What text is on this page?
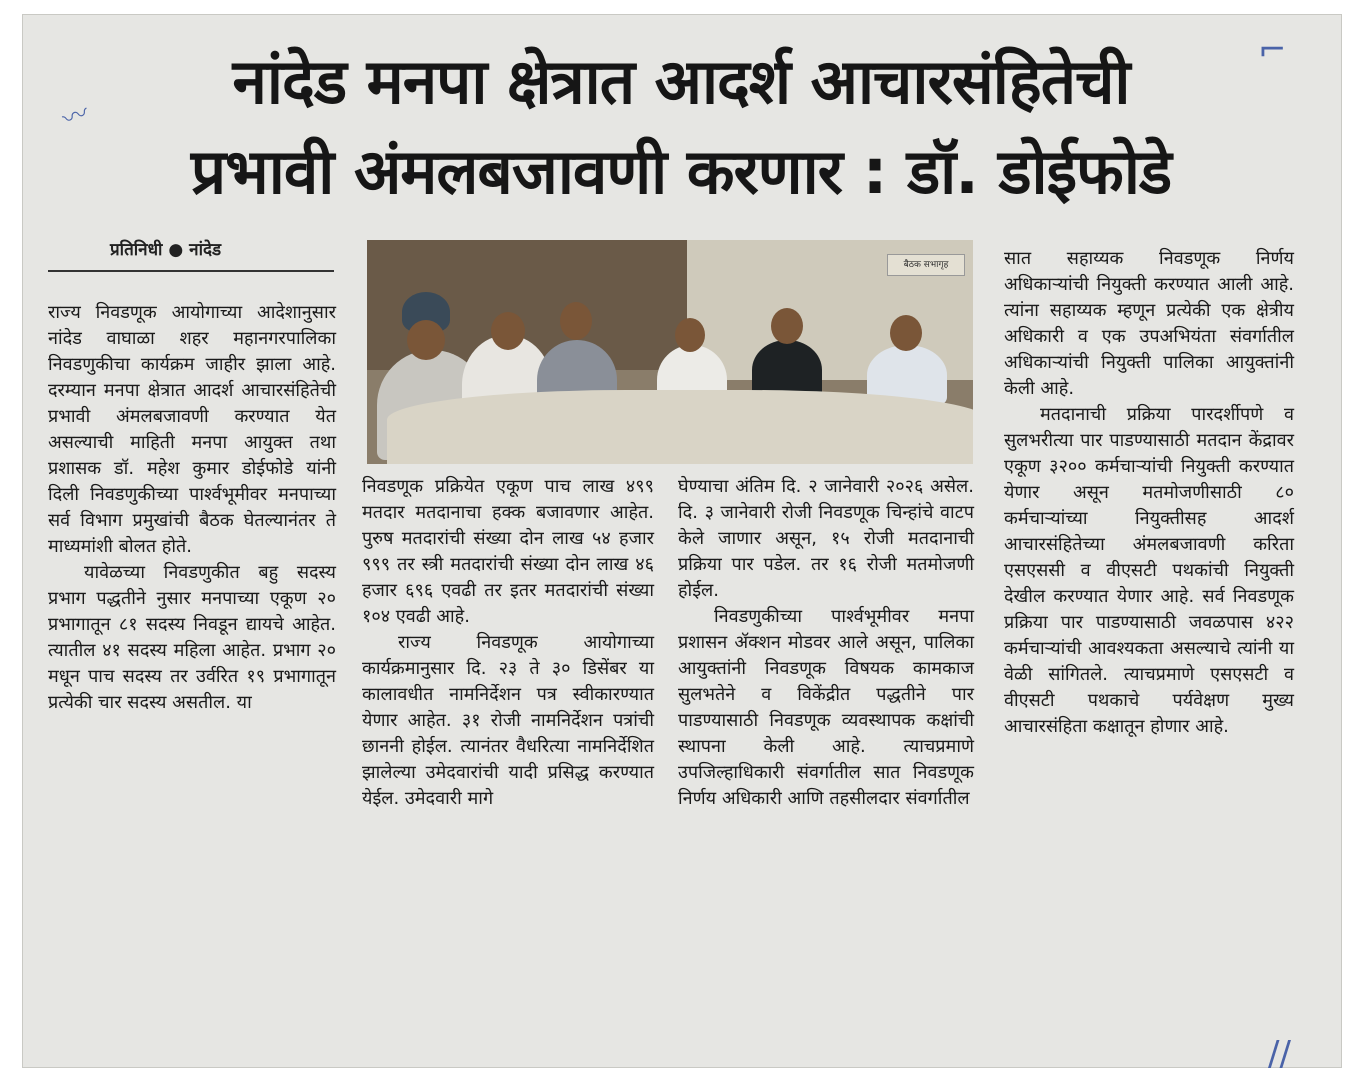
नांदेड मनपा क्षेत्रात आदर्श आचारसंहितेची
प्रभावी अंमलबजावणी करणार : डॉ. डोईफोडे
〰
⌐
//
प्रतिनिधी ● नांदेड
बैठक सभागृह

राज्य निवडणूक आयोगाच्या आदेशानुसार नांदेड वाघाळा शहर महानगरपालिका निवडणुकीचा कार्यक्रम जाहीर झाला आहे. दरम्यान मनपा क्षेत्रात आदर्श आचारसंहितेची प्रभावी अंमलबजावणी करण्यात येत असल्याची माहिती मनपा आयुक्त तथा प्रशासक डॉ. महेश कुमार डोईफोडे यांनी दिली निवडणुकीच्या पार्श्वभूमीवर मनपाच्या सर्व विभाग प्रमुखांची बैठक घेतल्यानंतर ते माध्यमांशी बोलत होते.

यावेळच्या निवडणुकीत बहु सदस्य प्रभाग पद्धतीने नुसार मनपाच्या एकूण २० प्रभागातून ८१ सदस्य निवडून द्यायचे आहेत. त्यातील ४१ सदस्य महिला आहेत. प्रभाग २० मधून पाच सदस्य तर उर्वरित १९ प्रभागातून प्रत्येकी चार सदस्य असतील. या

निवडणूक प्रक्रियेत एकूण पाच लाख ४९९ मतदार मतदानाचा हक्क बजावणार आहेत. पुरुष मतदारांची संख्या दोन लाख ५४ हजार ९९९ तर स्त्री मतदारांची संख्या दोन लाख ४६ हजार ६९६ एवढी तर इतर मतदारांची संख्या १०४ एवढी आहे.

राज्य निवडणूक आयोगाच्या कार्यक्रमानुसार दि. २३ ते ३० डिसेंबर या कालावधीत नामनिर्देशन पत्र स्वीकारण्यात येणार आहेत. ३१ रोजी नामनिर्देशन पत्रांची छाननी होईल. त्यानंतर वैधरित्या नामनिर्देशित झालेल्या उमेदवारांची यादी प्रसिद्ध करण्यात येईल. उमेदवारी मागे

घेण्याचा अंतिम दि. २ जानेवारी २०२६ असेल. दि. ३ जानेवारी रोजी निवडणूक चिन्हांचे वाटप केले जाणार असून, १५ रोजी मतदानाची प्रक्रिया पार पडेल. तर १६ रोजी मतमोजणी होईल.

निवडणुकीच्या पार्श्वभूमीवर मनपा प्रशासन ॲक्शन मोडवर आले असून, पालिका आयुक्तांनी निवडणूक विषयक कामकाज सुलभतेने व विकेंद्रीत पद्धतीने पार पाडण्यासाठी निवडणूक व्यवस्थापक कक्षांची स्थापना केली आहे. त्याचप्रमाणे उपजिल्हाधिकारी संवर्गातील सात निवडणूक निर्णय अधिकारी आणि तहसीलदार संवर्गातील

सात सहाय्यक निवडणूक निर्णय अधिकाऱ्यांची नियुक्ती करण्यात आली आहे. त्यांना सहाय्यक म्हणून प्रत्येकी एक क्षेत्रीय अधिकारी व एक उपअभियंता संवर्गातील अधिकाऱ्यांची नियुक्ती पालिका आयुक्तांनी केली आहे.

मतदानाची प्रक्रिया पारदर्शीपणे व सुलभरीत्या पार पाडण्यासाठी मतदान केंद्रावर एकूण ३२०० कर्मचाऱ्यांची नियुक्ती करण्यात येणार असून मतमोजणीसाठी ८० कर्मचाऱ्यांच्या नियुक्तीसह आदर्श आचारसंहितेच्या अंमलबजावणी करिता एसएससी व वीएसटी पथकांची नियुक्ती देखील करण्यात येणार आहे. सर्व निवडणूक प्रक्रिया पार पाडण्यासाठी जवळपास ४२२ कर्मचाऱ्यांची आवश्यकता असल्याचे त्यांनी या वेळी सांगितले. त्याचप्रमाणे एसएसटी व वीएसटी पथकाचे पर्यवेक्षण मुख्य आचारसंहिता कक्षातून होणार आहे.
